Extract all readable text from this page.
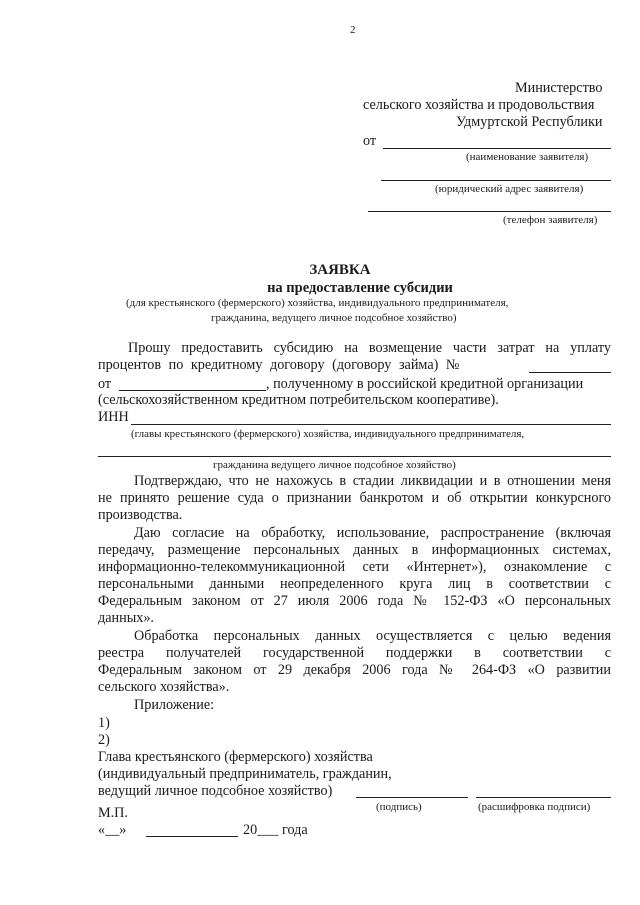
2
Министерство
сельского хозяйства и продовольствия
Удмуртской Республики
от
(наименование заявителя)
(юридический адрес заявителя)
(телефон заявителя)
ЗАЯВКА
на предоставление субсидии
(для крестьянского (фермерского) хозяйства, индивидуального предпринимателя,
гражданина, ведущего личное подсобное хозяйство)
Прошу предоставить субсидию на возмещение части затрат на уплату
процентов по кредитному договору (договору займа) №
от	, полученному в российской кредитной организации
(сельскохозяйственном кредитном потребительском кооперативе).
ИНН
(главы крестьянского (фермерского) хозяйства, индивидуального предпринимателя,
гражданина ведущего личное подсобное хозяйство)
Подтверждаю, что не нахожусь в стадии ликвидации и в отношении меня
не принято решение суда о признании банкротом и об открытии конкурсного
производства.
Даю согласие на обработку, использование, распространение (включая
передачу, размещение персональных данных в информационных системах,
информационно-телекоммуникационной сети «Интернет»), ознакомление с
персональными данными неопределенного круга лиц в соответствии с
Федеральным законом от 27 июля 2006 года № 152-ФЗ «О персональных
данных».
Обработка персональных данных осуществляется с целью ведения
реестра получателей государственной поддержки в соответствии с
Федеральным законом от 29 декабря 2006 года № 264-ФЗ «О развитии
сельского хозяйства».
Приложение:
1)
2)
Глава крестьянского (фермерского) хозяйства
(индивидуальный предприниматель, гражданин,
ведущий личное подсобное хозяйство)
(подпись)	(расшифровка подписи)
М.П.
«__»	20___ года
